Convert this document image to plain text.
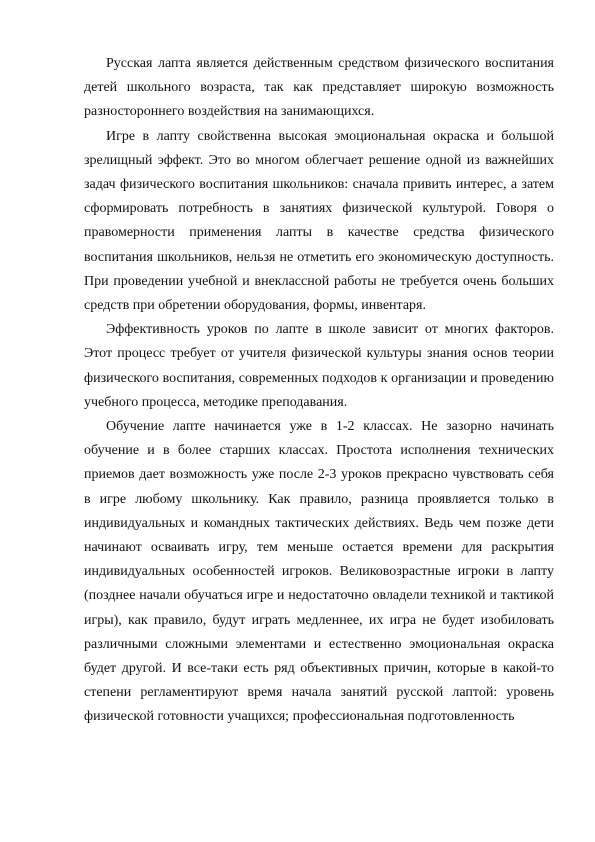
Русская лапта является действенным средством физического воспитания детей школьного возраста, так как представляет широкую возможность разностороннего воздействия на занимающихся.

Игре в лапту свойственна высокая эмоциональная окраска и большой зрелищный эффект. Это во многом облегчает решение одной из важнейших задач физического воспитания школьников: сначала привить интерес, а затем сформировать потребность в занятиях физической культурой. Говоря о правомерности применения лапты в качестве средства физического воспитания школьников, нельзя не отметить его экономическую доступность. При проведении учебной и внеклассной работы не требуется очень больших средств при обретении оборудования, формы, инвентаря.

Эффективность уроков по лапте в школе зависит от многих факторов. Этот процесс требует от учителя физической культуры знания основ теории физического воспитания, современных подходов к организации и проведению учебного процесса, методике преподавания.

Обучение лапте начинается уже в 1-2 классах. Не зазорно начинать обучение и в более старших классах. Простота исполнения технических приемов дает возможность уже после 2-3 уроков прекрасно чувствовать себя в игре любому школьнику. Как правило, разница проявляется только в индивидуальных и командных тактических действиях. Ведь чем позже дети начинают осваивать игру, тем меньше остается времени для раскрытия индивидуальных особенностей игроков. Великовозрастные игроки в лапту (позднее начали обучаться игре и недостаточно овладели техникой и тактикой игры), как правило, будут играть медленнее, их игра не будет изобиловать различными сложными элементами и естественно эмоциональная окраска будет другой. И все-таки есть ряд объективных причин, которые в какой-то степени регламентируют время начала занятий русской лаптой: уровень физической готовности учащихся; профессиональная подготовленность
